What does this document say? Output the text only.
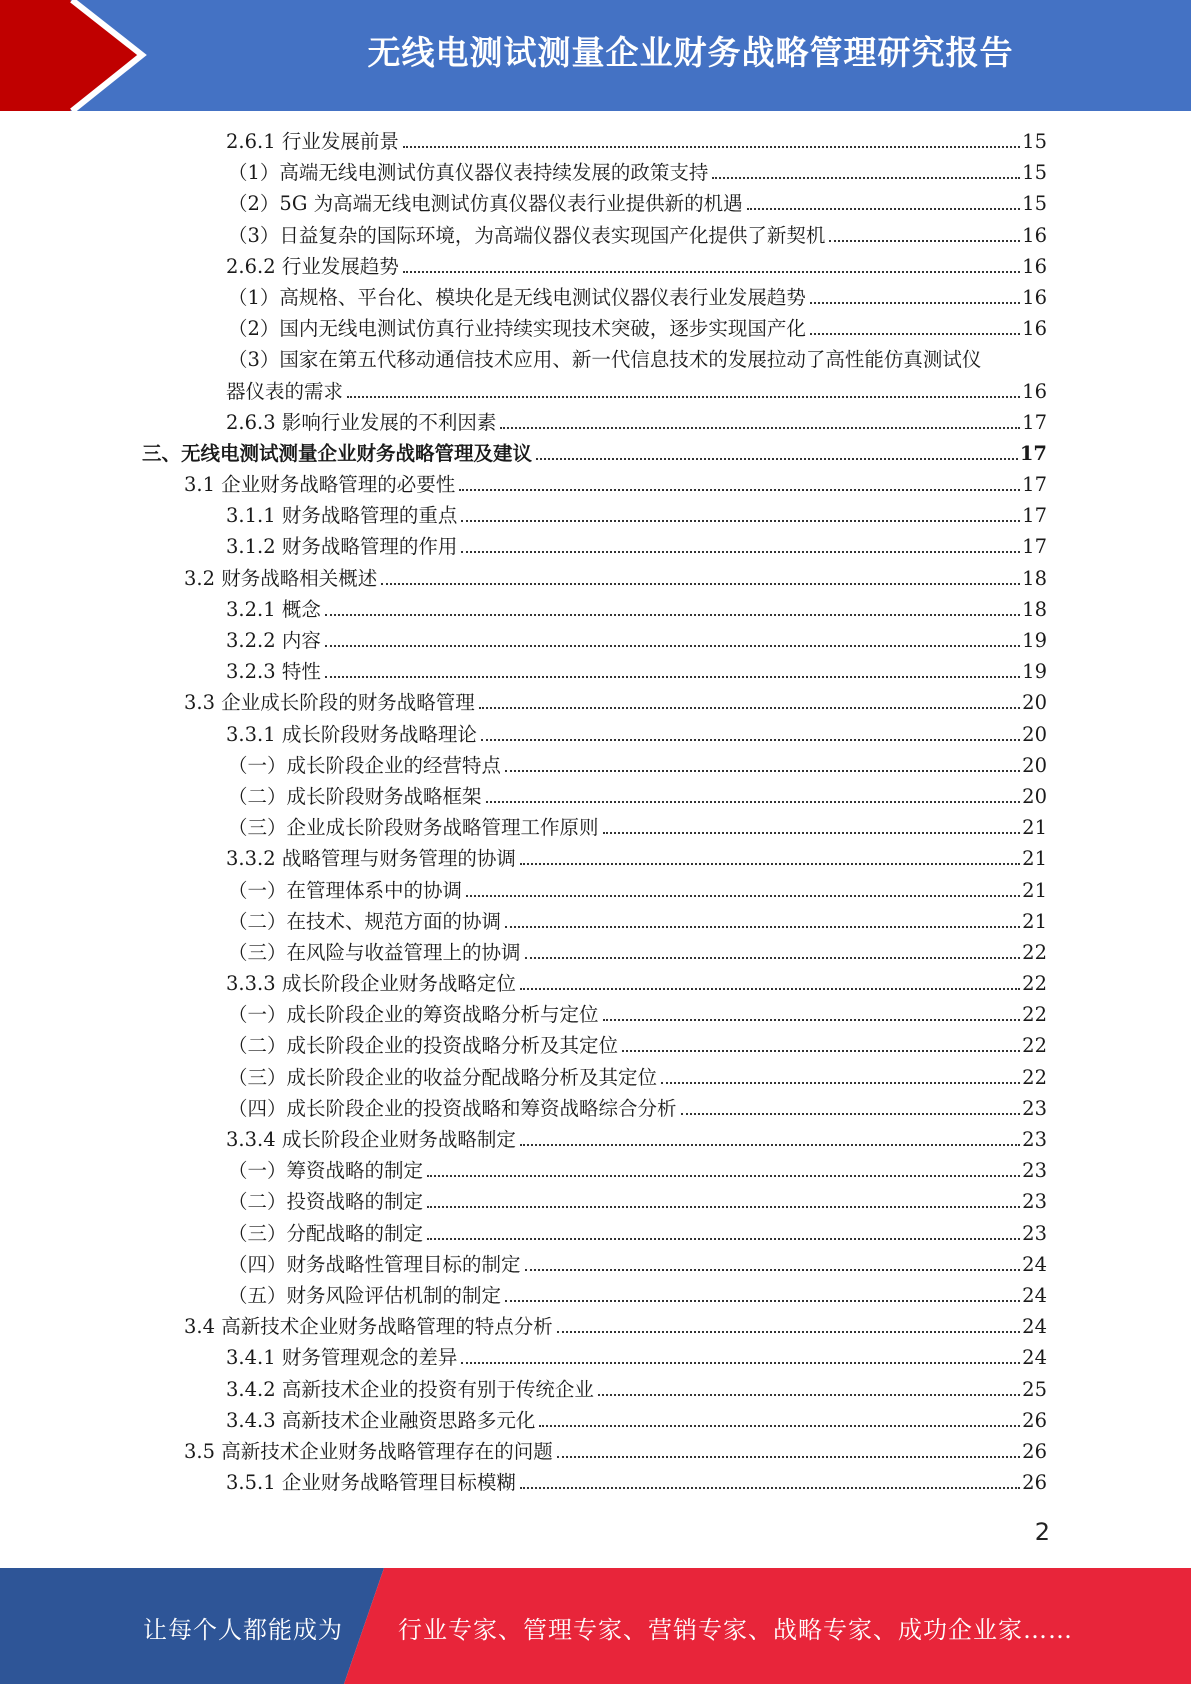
无线电测试测量企业财务战略管理研究报告
2.6.1 行业发展前景	15
（1）高端无线电测试仿真仪器仪表持续发展的政策支持	15
（2）5G 为高端无线电测试仿真仪器仪表行业提供新的机遇	15
（3）日益复杂的国际环境，为高端仪器仪表实现国产化提供了新契机	16
2.6.2 行业发展趋势	16
（1）高规格、平台化、模块化是无线电测试仪器仪表行业发展趋势	16
（2）国内无线电测试仿真行业持续实现技术突破，逐步实现国产化	16
（3）国家在第五代移动通信技术应用、新一代信息技术的发展拉动了高性能仿真测试仪
器仪表的需求	16
2.6.3 影响行业发展的不利因素	17
三、无线电测试测量企业财务战略管理及建议	17
3.1 企业财务战略管理的必要性	17
3.1.1 财务战略管理的重点	17
3.1.2 财务战略管理的作用	17
3.2 财务战略相关概述	18
3.2.1 概念	18
3.2.2 内容	19
3.2.3 特性	19
3.3 企业成长阶段的财务战略管理	20
3.3.1 成长阶段财务战略理论	20
（一）成长阶段企业的经营特点	20
（二）成长阶段财务战略框架	20
（三）企业成长阶段财务战略管理工作原则	21
3.3.2 战略管理与财务管理的协调	21
（一）在管理体系中的协调	21
（二）在技术、规范方面的协调	21
（三）在风险与收益管理上的协调	22
3.3.3 成长阶段企业财务战略定位	22
（一）成长阶段企业的筹资战略分析与定位	22
（二）成长阶段企业的投资战略分析及其定位	22
（三）成长阶段企业的收益分配战略分析及其定位	22
（四）成长阶段企业的投资战略和筹资战略综合分析	23
3.3.4 成长阶段企业财务战略制定	23
（一）筹资战略的制定	23
（二）投资战略的制定	23
（三）分配战略的制定	23
（四）财务战略性管理目标的制定	24
（五）财务风险评估机制的制定	24
3.4 高新技术企业财务战略管理的特点分析	24
3.4.1 财务管理观念的差异	24
3.4.2 高新技术企业的投资有别于传统企业	25
3.4.3 高新技术企业融资思路多元化	26
3.5 高新技术企业财务战略管理存在的问题	26
3.5.1 企业财务战略管理目标模糊	26
2
让每个人都能成为 行业专家、管理专家、营销专家、战略专家、成功企业家……
